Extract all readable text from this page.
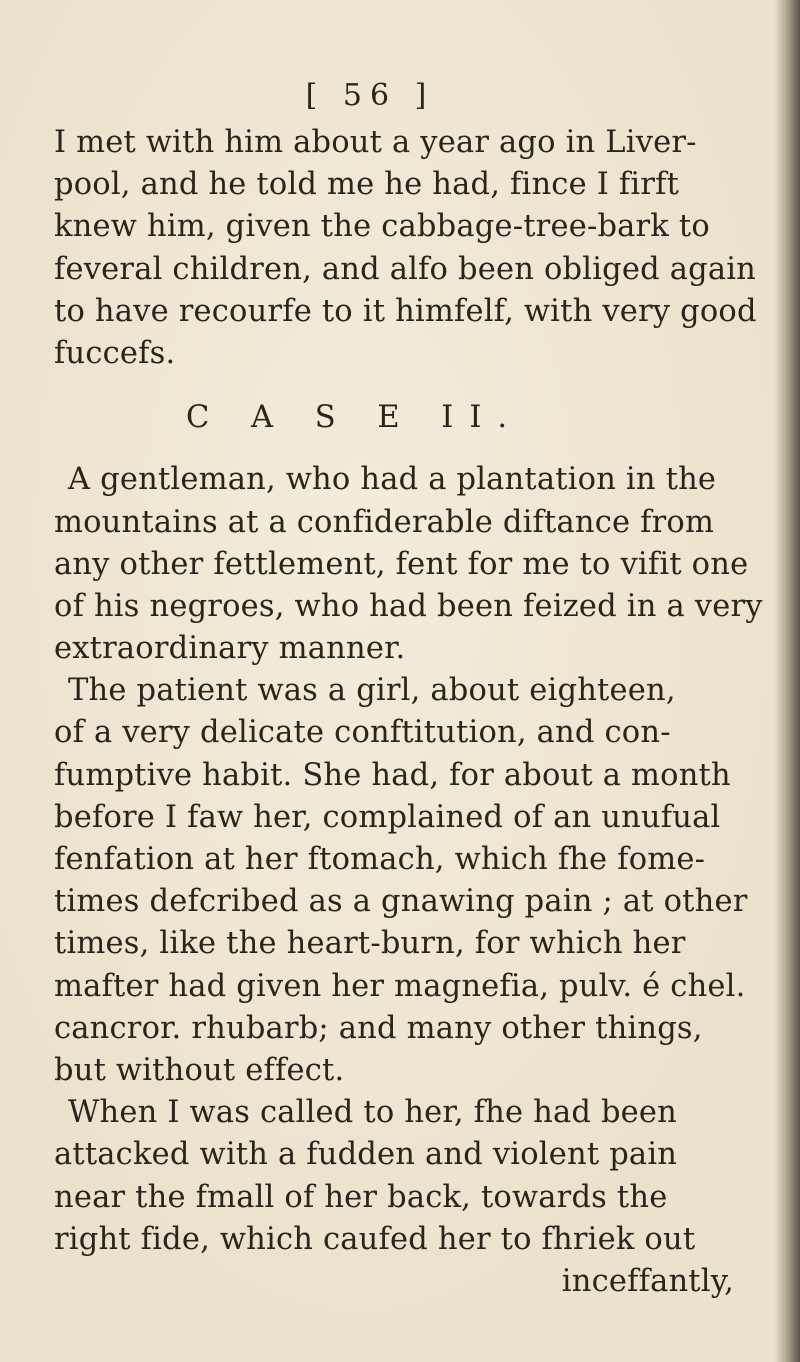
[ 56 ]
I met with him about a year ago in Liver-
pool, and he told me he had, fince I firft
knew him, given the cabbage-tree-bark to
feveral children, and alfo been obliged again
to have recourfe to it himfelf, with very good
fuccefs.
C A S E II.
A gentleman, who had a plantation in the
mountains at a confiderable diftance from
any other fettlement, fent for me to vifit one
of his negroes, who had been feized in a very
extraordinary manner.
The patient was a girl, about eighteen,
of a very delicate conftitution, and con-
fumptive habit. She had, for about a month
before I faw her, complained of an unufual
fenfation at her ftomach, which fhe fome-
times defcribed as a gnawing pain ; at other
times, like the heart-burn, for which her
mafter had given her magnefia, pulv. é chel.
cancror. rhubarb; and many other things,
but without effect.
When I was called to her, fhe had been
attacked with a fudden and violent pain
near the fmall of her back, towards the
right fide, which caufed her to fhriek out
inceffantly,
